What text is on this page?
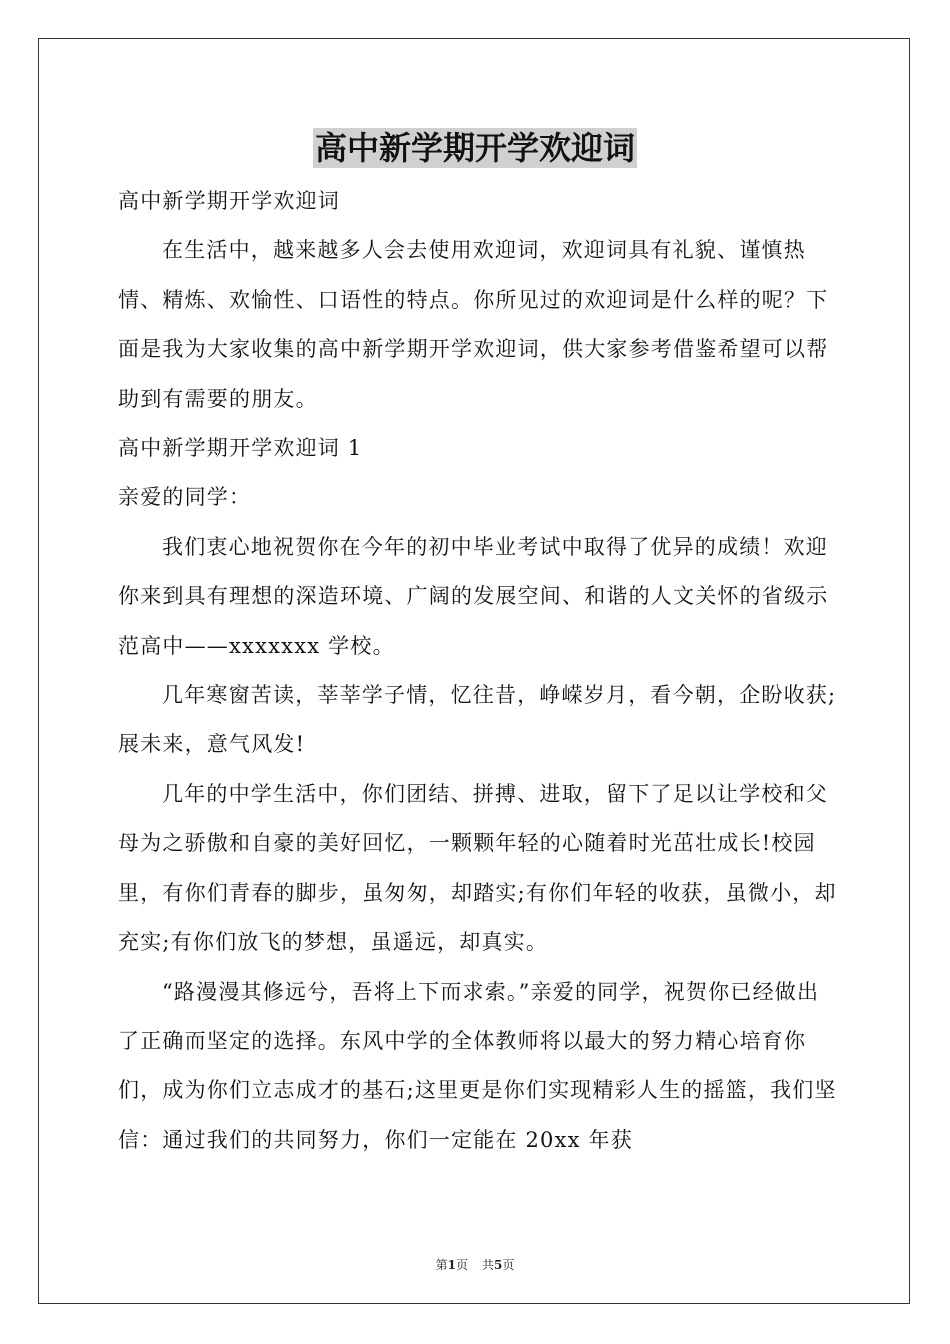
高中新学期开学欢迎词

高中新学期开学欢迎词

在生活中，越来越多人会去使用欢迎词，欢迎词具有礼貌、谨慎热情、精炼、欢愉性、口语性的特点。你所见过的欢迎词是什么样的呢？下面是我为大家收集的高中新学期开学欢迎词，供大家参考借鉴希望可以帮助到有需要的朋友。

高中新学期开学欢迎词 1

亲爱的同学：

我们衷心地祝贺你在今年的初中毕业考试中取得了优异的成绩！欢迎你来到具有理想的深造环境、广阔的发展空间、和谐的人文关怀的省级示范高中——xxxxxxx 学校。

几年寒窗苦读，莘莘学子情，忆往昔，峥嵘岁月，看今朝，企盼收获;展未来，意气风发!

几年的中学生活中，你们团结、拼搏、进取，留下了足以让学校和父母为之骄傲和自豪的美好回忆，一颗颗年轻的心随着时光茁壮成长!校园里，有你们青春的脚步，虽匆匆，却踏实;有你们年轻的收获，虽微小，却充实;有你们放飞的梦想，虽遥远，却真实。

“路漫漫其修远兮，吾将上下而求索。”亲爱的同学，祝贺你已经做出了正确而坚定的选择。东风中学的全体教师将以最大的努力精心培育你们，成为你们立志成才的基石;这里更是你们实现精彩人生的摇篮，我们坚信：通过我们的共同努力，你们一定能在 20xx 年获

第1页 共5页
